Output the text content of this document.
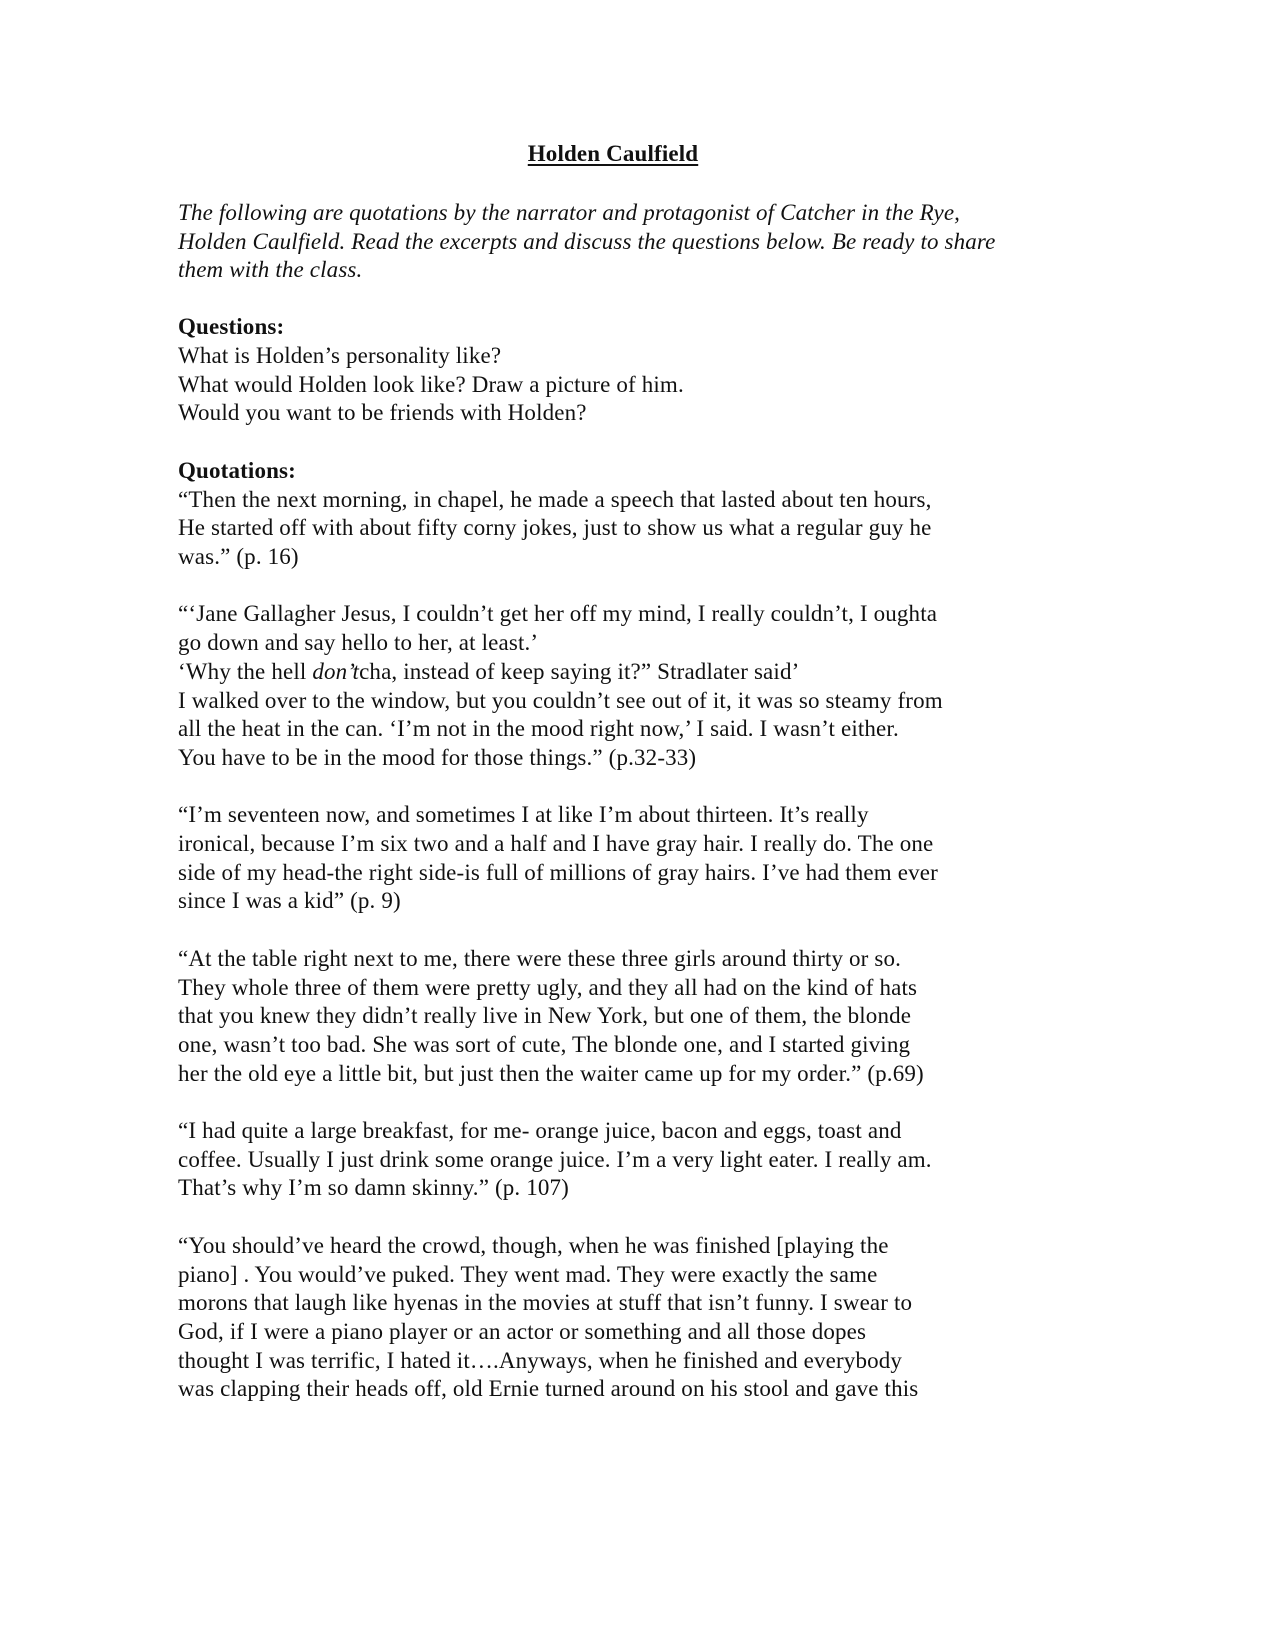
Holden Caulfield
The following are quotations by the narrator and protagonist of Catcher in the Rye,
Holden Caulfield. Read the excerpts and discuss the questions below. Be ready to share
them with the class.
Questions:
What is Holden’s personality like?
What would Holden look like? Draw a picture of him.
Would you want to be friends with Holden?
Quotations:
“Then the next morning, in chapel, he made a speech that lasted about ten hours,
He started off with about fifty corny jokes, just to show us what a regular guy he
was.” (p. 16)
“‘Jane Gallagher Jesus, I couldn’t get her off my mind, I really couldn’t, I oughta
go down and say hello to her, at least.’
‘Why the hell don’tcha, instead of keep saying it?” Stradlater said’
I walked over to the window, but you couldn’t see out of it, it was so steamy from
all the heat in the can. ‘I’m not in the mood right now,’ I said. I wasn’t either.
You have to be in the mood for those things.” (p.32-33)
“I’m seventeen now, and sometimes I at like I’m about thirteen. It’s really
ironical, because I’m six two and a half and I have gray hair. I really do. The one
side of my head-the right side-is full of millions of gray hairs. I’ve had them ever
since I was a kid” (p. 9)
“At the table right next to me, there were these three girls around thirty or so.
They whole three of them were pretty ugly, and they all had on the kind of hats
that you knew they didn’t really live in New York, but one of them, the blonde
one, wasn’t too bad. She was sort of cute, The blonde one, and I started giving
her the old eye a little bit, but just then the waiter came up for my order.” (p.69)
“I had quite a large breakfast, for me- orange juice, bacon and eggs, toast and
coffee. Usually I just drink some orange juice. I’m a very light eater. I really am.
That’s why I’m so damn skinny.” (p. 107)
“You should’ve heard the crowd, though, when he was finished [playing the
piano] . You would’ve puked. They went mad. They were exactly the same
morons that laugh like hyenas in the movies at stuff that isn’t funny. I swear to
God, if I were a piano player or an actor or something and all those dopes
thought I was terrific, I hated it….Anyways, when he finished and everybody
was clapping their heads off, old Ernie turned around on his stool and gave this
